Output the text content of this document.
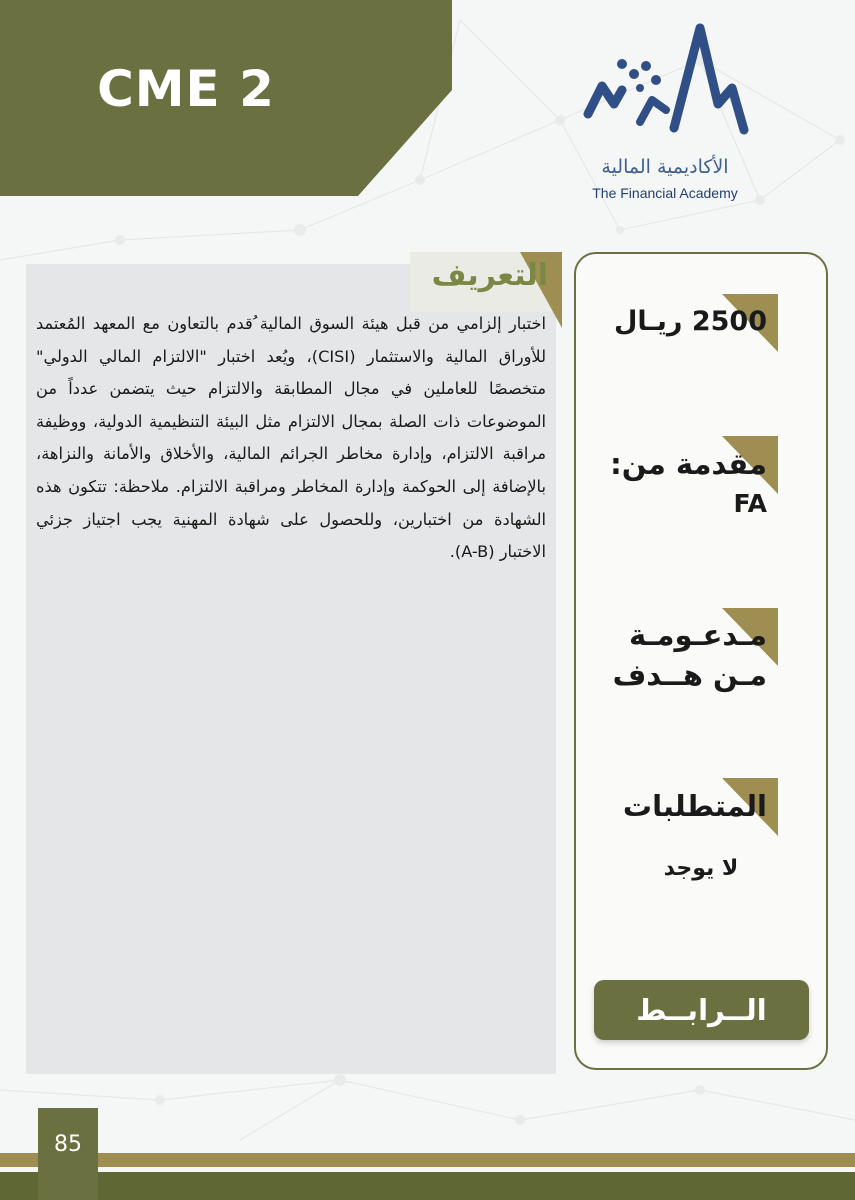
CME 2
الأكاديمية المالية
The Financial Academy
التعريف
اختبار إلزامي من قبل هيئة السوق المالية ُقدم بالتعاون مع المعهد المُعتمد للأوراق المالية والاستثمار (CISI)، ويُعد اختبار "الالتزام المالي الدولي" متخصصًا للعاملين في مجال المطابقة والالتزام حيث يتضمن عدداً من الموضوعات ذات الصلة بمجال الالتزام مثل البيئة التنظيمية الدولية، ووظيفة مراقبة الالتزام، وإدارة مخاطر الجرائم المالية، والأخلاق والأمانة والنزاهة، بالإضافة إلى الحوكمة وإدارة المخاطر ومراقبة الالتزام. ملاحظة: تتكون هذه الشهادة من اختبارين، وللحصول على شهادة المهنية يجب اجتياز جزئي الاختبار (A-B).
2500 ريـال
مقدمة من:
FA
مـدعـومـة
مـن هــدف
المتطلبات
لا يوجد
الــرابــط
85
